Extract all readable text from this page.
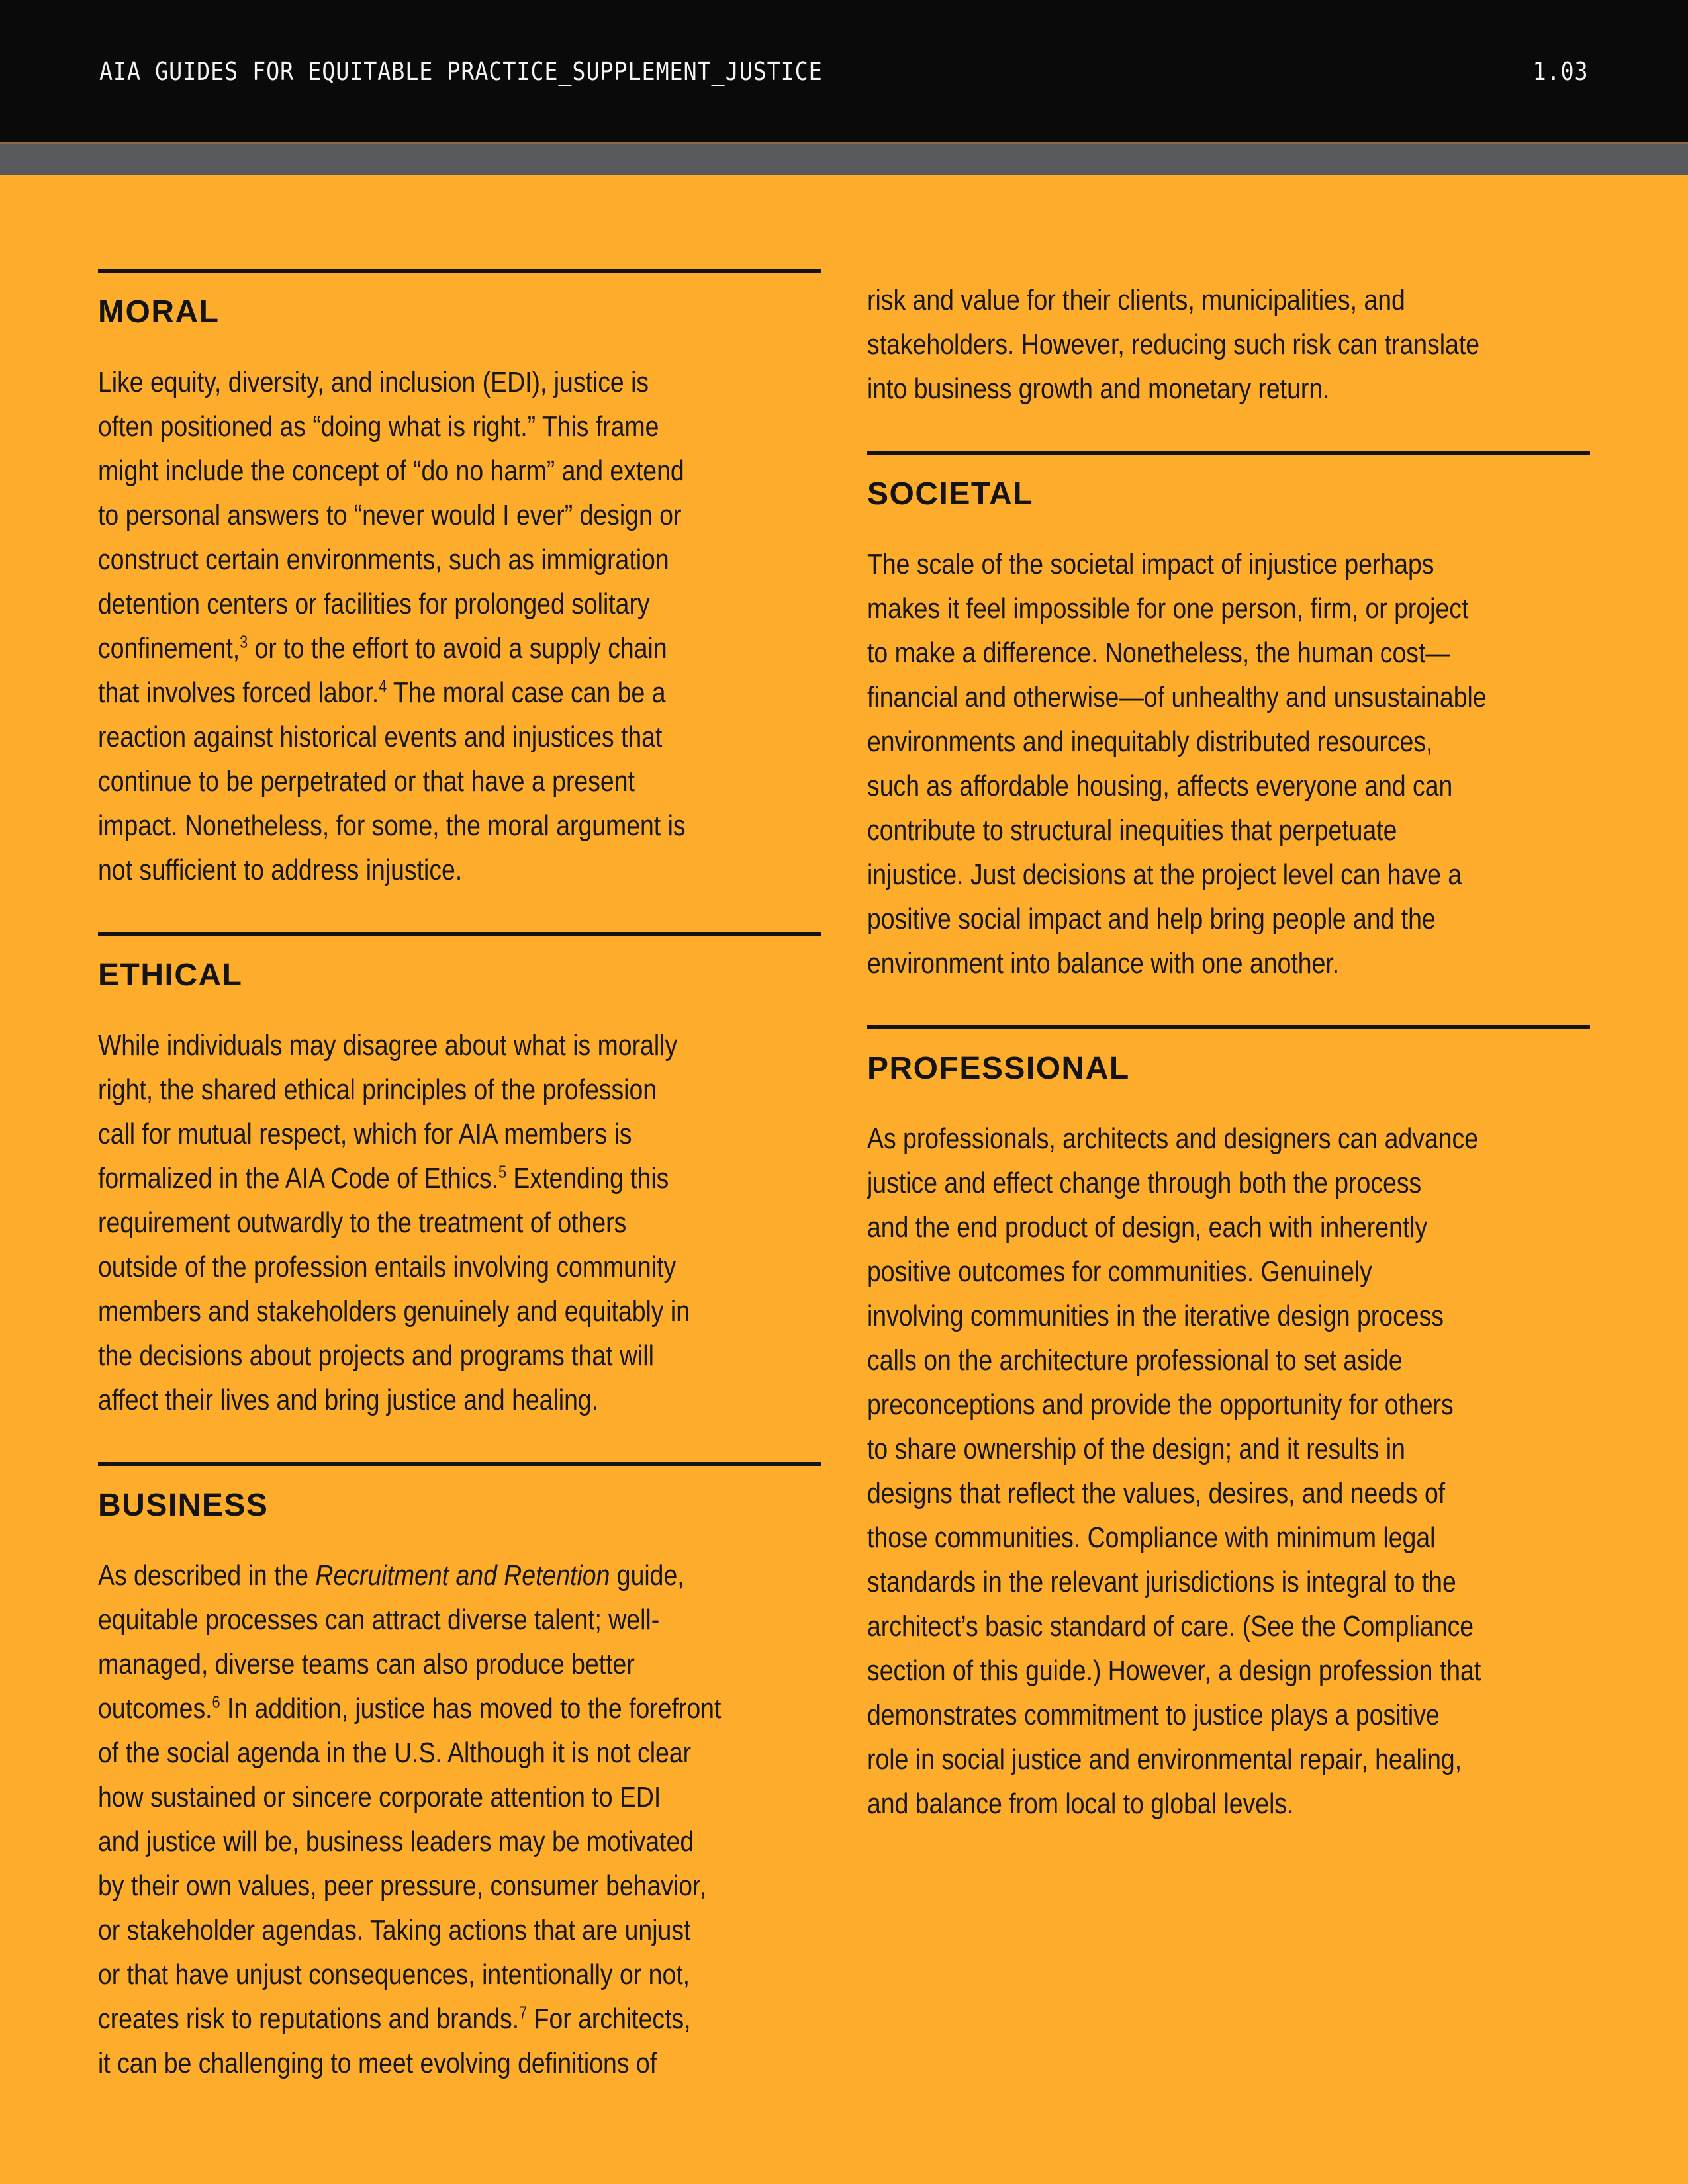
AIA GUIDES FOR EQUITABLE PRACTICE_SUPPLEMENT_JUSTICE	1.03
MORAL

Like equity, diversity, and inclusion (EDI), justice is
often positioned as “doing what is right.” This frame
might include the concept of “do no harm” and extend
to personal answers to “never would I ever” design or
construct certain environments, such as immigration
detention centers or facilities for prolonged solitary
confinement,$^3$ or to the effort to avoid a supply chain
that involves forced labor.$^4$ The moral case can be a
reaction against historical events and injustices that
continue to be perpetrated or that have a present
impact. Nonetheless, for some, the moral argument is
not sufficient to address injustice.

ETHICAL

While individuals may disagree about what is morally
right, the shared ethical principles of the profession
call for mutual respect, which for AIA members is
formalized in the AIA Code of Ethics.$^5$ Extending this
requirement outwardly to the treatment of others
outside of the profession entails involving community
members and stakeholders genuinely and equitably in
the decisions about projects and programs that will
affect their lives and bring justice and healing.

BUSINESS

As described in the Recruitment and Retention guide,
equitable processes can attract diverse talent; well-
managed, diverse teams can also produce better
outcomes.$^6$ In addition, justice has moved to the forefront
of the social agenda in the U.S. Although it is not clear
how sustained or sincere corporate attention to EDI
and justice will be, business leaders may be motivated
by their own values, peer pressure, consumer behavior,
or stakeholder agendas. Taking actions that are unjust
or that have unjust consequences, intentionally or not,
creates risk to reputations and brands.$^7$ For architects,
it can be challenging to meet evolving definitions of

risk and value for their clients, municipalities, and
stakeholders. However, reducing such risk can translate
into business growth and monetary return.

SOCIETAL

The scale of the societal impact of injustice perhaps
makes it feel impossible for one person, firm, or project
to make a difference. Nonetheless, the human cost—
financial and otherwise—of unhealthy and unsustainable
environments and inequitably distributed resources,
such as affordable housing, affects everyone and can
contribute to structural inequities that perpetuate
injustice. Just decisions at the project level can have a
positive social impact and help bring people and the
environment into balance with one another.

PROFESSIONAL

As professionals, architects and designers can advance
justice and effect change through both the process
and the end product of design, each with inherently
positive outcomes for communities. Genuinely
involving communities in the iterative design process
calls on the architecture professional to set aside
preconceptions and provide the opportunity for others
to share ownership of the design; and it results in
designs that reflect the values, desires, and needs of
those communities. Compliance with minimum legal
standards in the relevant jurisdictions is integral to the
architect’s basic standard of care. (See the Compliance
section of this guide.) However, a design profession that
demonstrates commitment to justice plays a positive
role in social justice and environmental repair, healing,
and balance from local to global levels.
